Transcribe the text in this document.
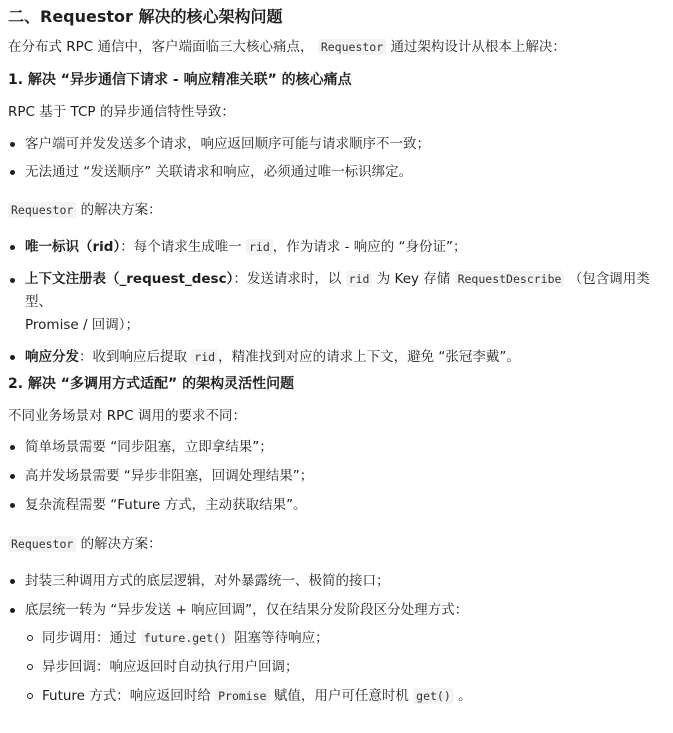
二、Requestor 解决的核心架构问题
在分布式 RPC 通信中，客户端面临三大核心痛点， Requestor 通过架构设计从根本上解决：
1. 解决 “异步通信下请求 - 响应精准关联” 的核心痛点
RPC 基于 TCP 的异步通信特性导致：
客户端可并发发送多个请求，响应返回顺序可能与请求顺序不一致；
无法通过 “发送顺序” 关联请求和响应，必须通过唯一标识绑定。
Requestor 的解决方案：
唯一标识（rid）：每个请求生成唯一 rid ，作为请求 - 响应的 “身份证”；
上下文注册表（_request_desc）：发送请求时，以 rid 为 Key 存储 RequestDescribe （包含调用类型、
Promise / 回调）；
响应分发：收到响应后提取 rid ，精准找到对应的请求上下文，避免 “张冠李戴”。
2. 解决 “多调用方式适配” 的架构灵活性问题
不同业务场景对 RPC 调用的要求不同：
简单场景需要 “同步阻塞，立即拿结果”；
高并发场景需要 “异步非阻塞，回调处理结果”；
复杂流程需要 “Future 方式，主动获取结果”。
Requestor 的解决方案：
封装三种调用方式的底层逻辑，对外暴露统一、极简的接口；
底层统一转为 “异步发送 + 响应回调”，仅在结果分发阶段区分处理方式：
同步调用：通过 future.get() 阻塞等待响应；
异步回调：响应返回时自动执行用户回调；
Future 方式：响应返回时给 Promise 赋值，用户可任意时机 get() 。
